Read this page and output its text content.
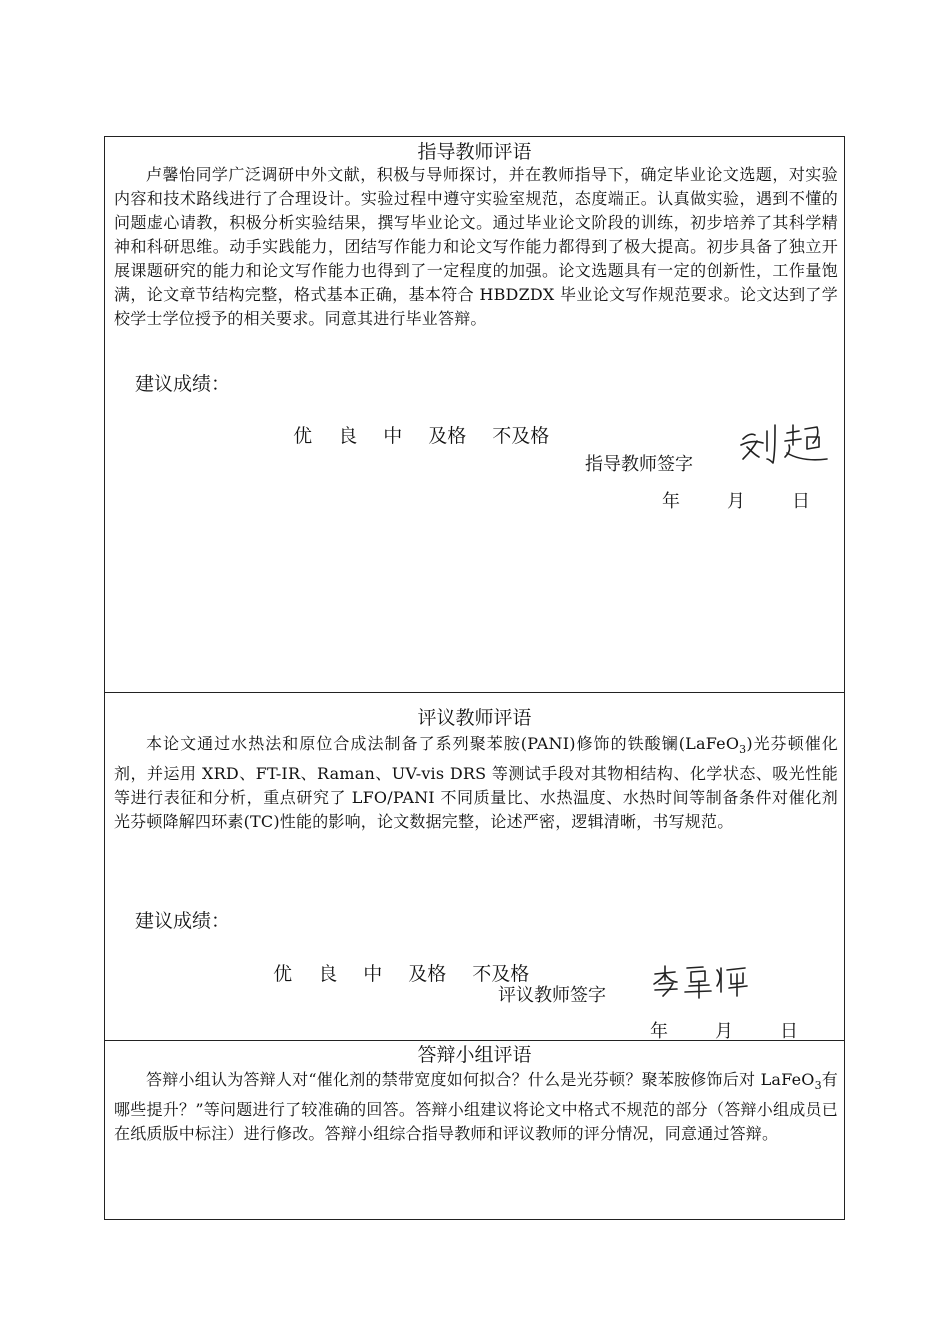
指导教师评语
卢馨怡同学广泛调研中外文献，积极与导师探讨，并在教师指导下，确定毕业论文选题，对实验内容和技术路线进行了合理设计。实验过程中遵守实验室规范，态度端正。认真做实验，遇到不懂的问题虚心请教，积极分析实验结果，撰写毕业论文。通过毕业论文阶段的训练，初步培养了其科学精神和科研思维。动手实践能力，团结写作能力和论文写作能力都得到了极大提高。初步具备了独立开展课题研究的能力和论文写作能力也得到了一定程度的加强。论文选题具有一定的创新性，工作量饱满，论文章节结构完整，格式基本正确，基本符合 HBDZDX 毕业论文写作规范要求。论文达到了学校学士学位授予的相关要求。同意其进行毕业答辩。
建议成绩：

优 良 中 及格 不及格

指导教师签字
年	月	日
评议教师评语
本论文通过水热法和原位合成法制备了系列聚苯胺(PANI)修饰的铁酸镧(LaFeO$_3$)光芬顿催化剂，并运用 XRD、FT-IR、Raman、UV-vis DRS 等测试手段对其物相结构、化学状态、吸光性能等进行表征和分析，重点研究了 LFO/PANI 不同质量比、水热温度、水热时间等制备条件对催化剂光芬顿降解四环素(TC)性能的影响，论文数据完整，论述严密，逻辑清晰，书写规范。
建议成绩：

优 良 中 及格 不及格

评议教师签字
年	月	日
答辩小组评语
答辩小组认为答辩人对“催化剂的禁带宽度如何拟合？什么是光芬顿？聚苯胺修饰后对 LaFeO$_3$有哪些提升？”等问题进行了较准确的回答。答辩小组建议将论文中格式不规范的部分（答辩小组成员已在纸质版中标注）进行修改。答辩小组综合指导教师和评议教师的评分情况，同意通过答辩。
